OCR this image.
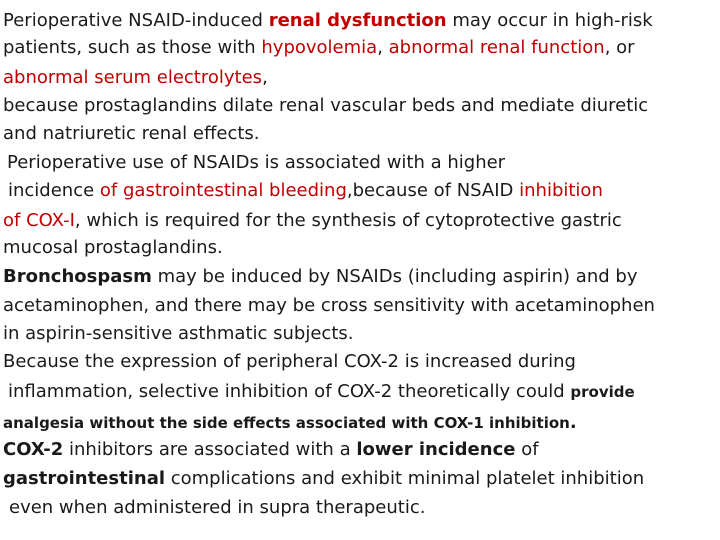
Perioperative NSAID-induced renal dysfunction may occur in high-risk
patients, such as those with hypovolemia, abnormal renal function, or
abnormal serum electrolytes,
because prostaglandins dilate renal vascular beds and mediate diuretic
and natriuretic renal effects.
Perioperative use of NSAIDs is associated with a higher
incidence of gastrointestinal bleeding,because of NSAID inhibition
of COX-I, which is required for the synthesis of cytoprotective gastric
mucosal prostaglandins.
Bronchospasm may be induced by NSAIDs (including aspirin) and by
acetaminophen, and there may be cross sensitivity with acetaminophen
in aspirin-sensitive asthmatic subjects.
Because the expression of peripheral COX-2 is increased during
inflammation, selective inhibition of COX-2 theoretically could provide
analgesia without the side effects associated with COX-1 inhibition.
COX-2 inhibitors are associated with a lower incidence of
gastrointestinal complications and exhibit minimal platelet inhibition
even when administered in supra therapeutic.
